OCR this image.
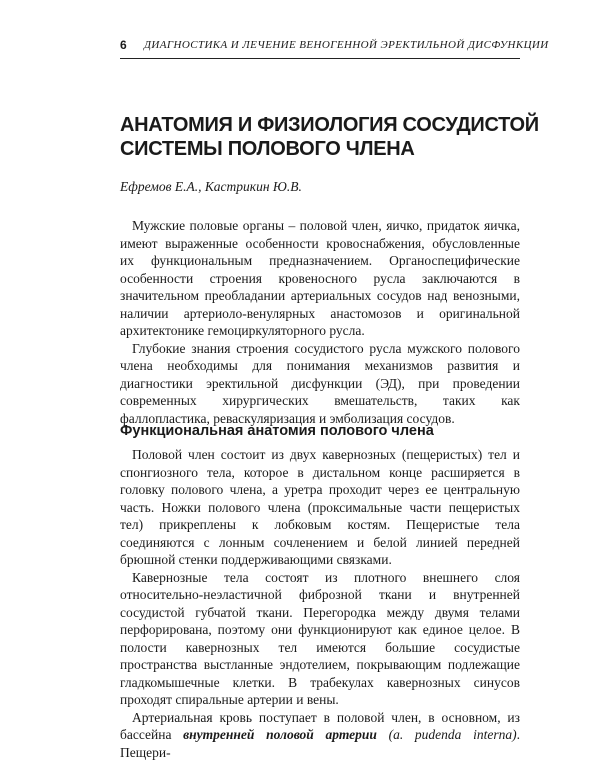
6 ДИАГНОСТИКА И ЛЕЧЕНИЕ ВЕНОГЕННОЙ ЭРЕКТИЛЬНОЙ ДИСФУНКЦИИ
АНАТОМИЯ И ФИЗИОЛОГИЯ СОСУДИСТОЙ
СИСТЕМЫ ПОЛОВОГО ЧЛЕНА
Ефремов Е.А., Кастрикин Ю.В.

Мужские половые органы – половой член, яичко, придаток яичка, имеют выраженные особенности кровоснабжения, обусловленные их функциональным предназначением. Органоспецифические особенности строения кровеносного русла заключаются в значительном преобладании артериальных сосудов над венозными, наличии артериоло-венулярных анастомозов и оригинальной архитектонике гемоциркуляторного русла.

Глубокие знания строения сосудистого русла мужского полового члена необходимы для понимания механизмов развития и диагностики эректильной дисфункции (ЭД), при проведении современных хирургических вмешательств, таких как фаллопластика, реваскуляризация и эмболизация сосудов.

Функциональная анатомия полового члена

Половой член состоит из двух кавернозных (пещеристых) тел и спонгиозного тела, которое в дистальном конце расширяется в головку полового члена, а уретра проходит через ее центральную часть. Ножки полового члена (проксимальные части пещеристых тел) прикреплены к лобковым костям. Пещеристые тела соединяются с лонным сочленением и белой линией передней брюшной стенки поддерживающими связками.

Кавернозные тела состоят из плотного внешнего слоя относительно-неэластичной фиброзной ткани и внутренней сосудистой губчатой ткани. Перегородка между двумя телами перфорирована, поэтому они функционируют как единое целое. В полости кавернозных тел имеются большие сосудистые пространства выстланные эндотелием, покрывающим подлежащие гладкомышечные клетки. В трабекулах кавернозных синусов проходят спиральные артерии и вены.

Артериальная кровь поступает в половой член, в основном, из бассейна внутренней половой артерии (a. pudenda interna). Пещери-
